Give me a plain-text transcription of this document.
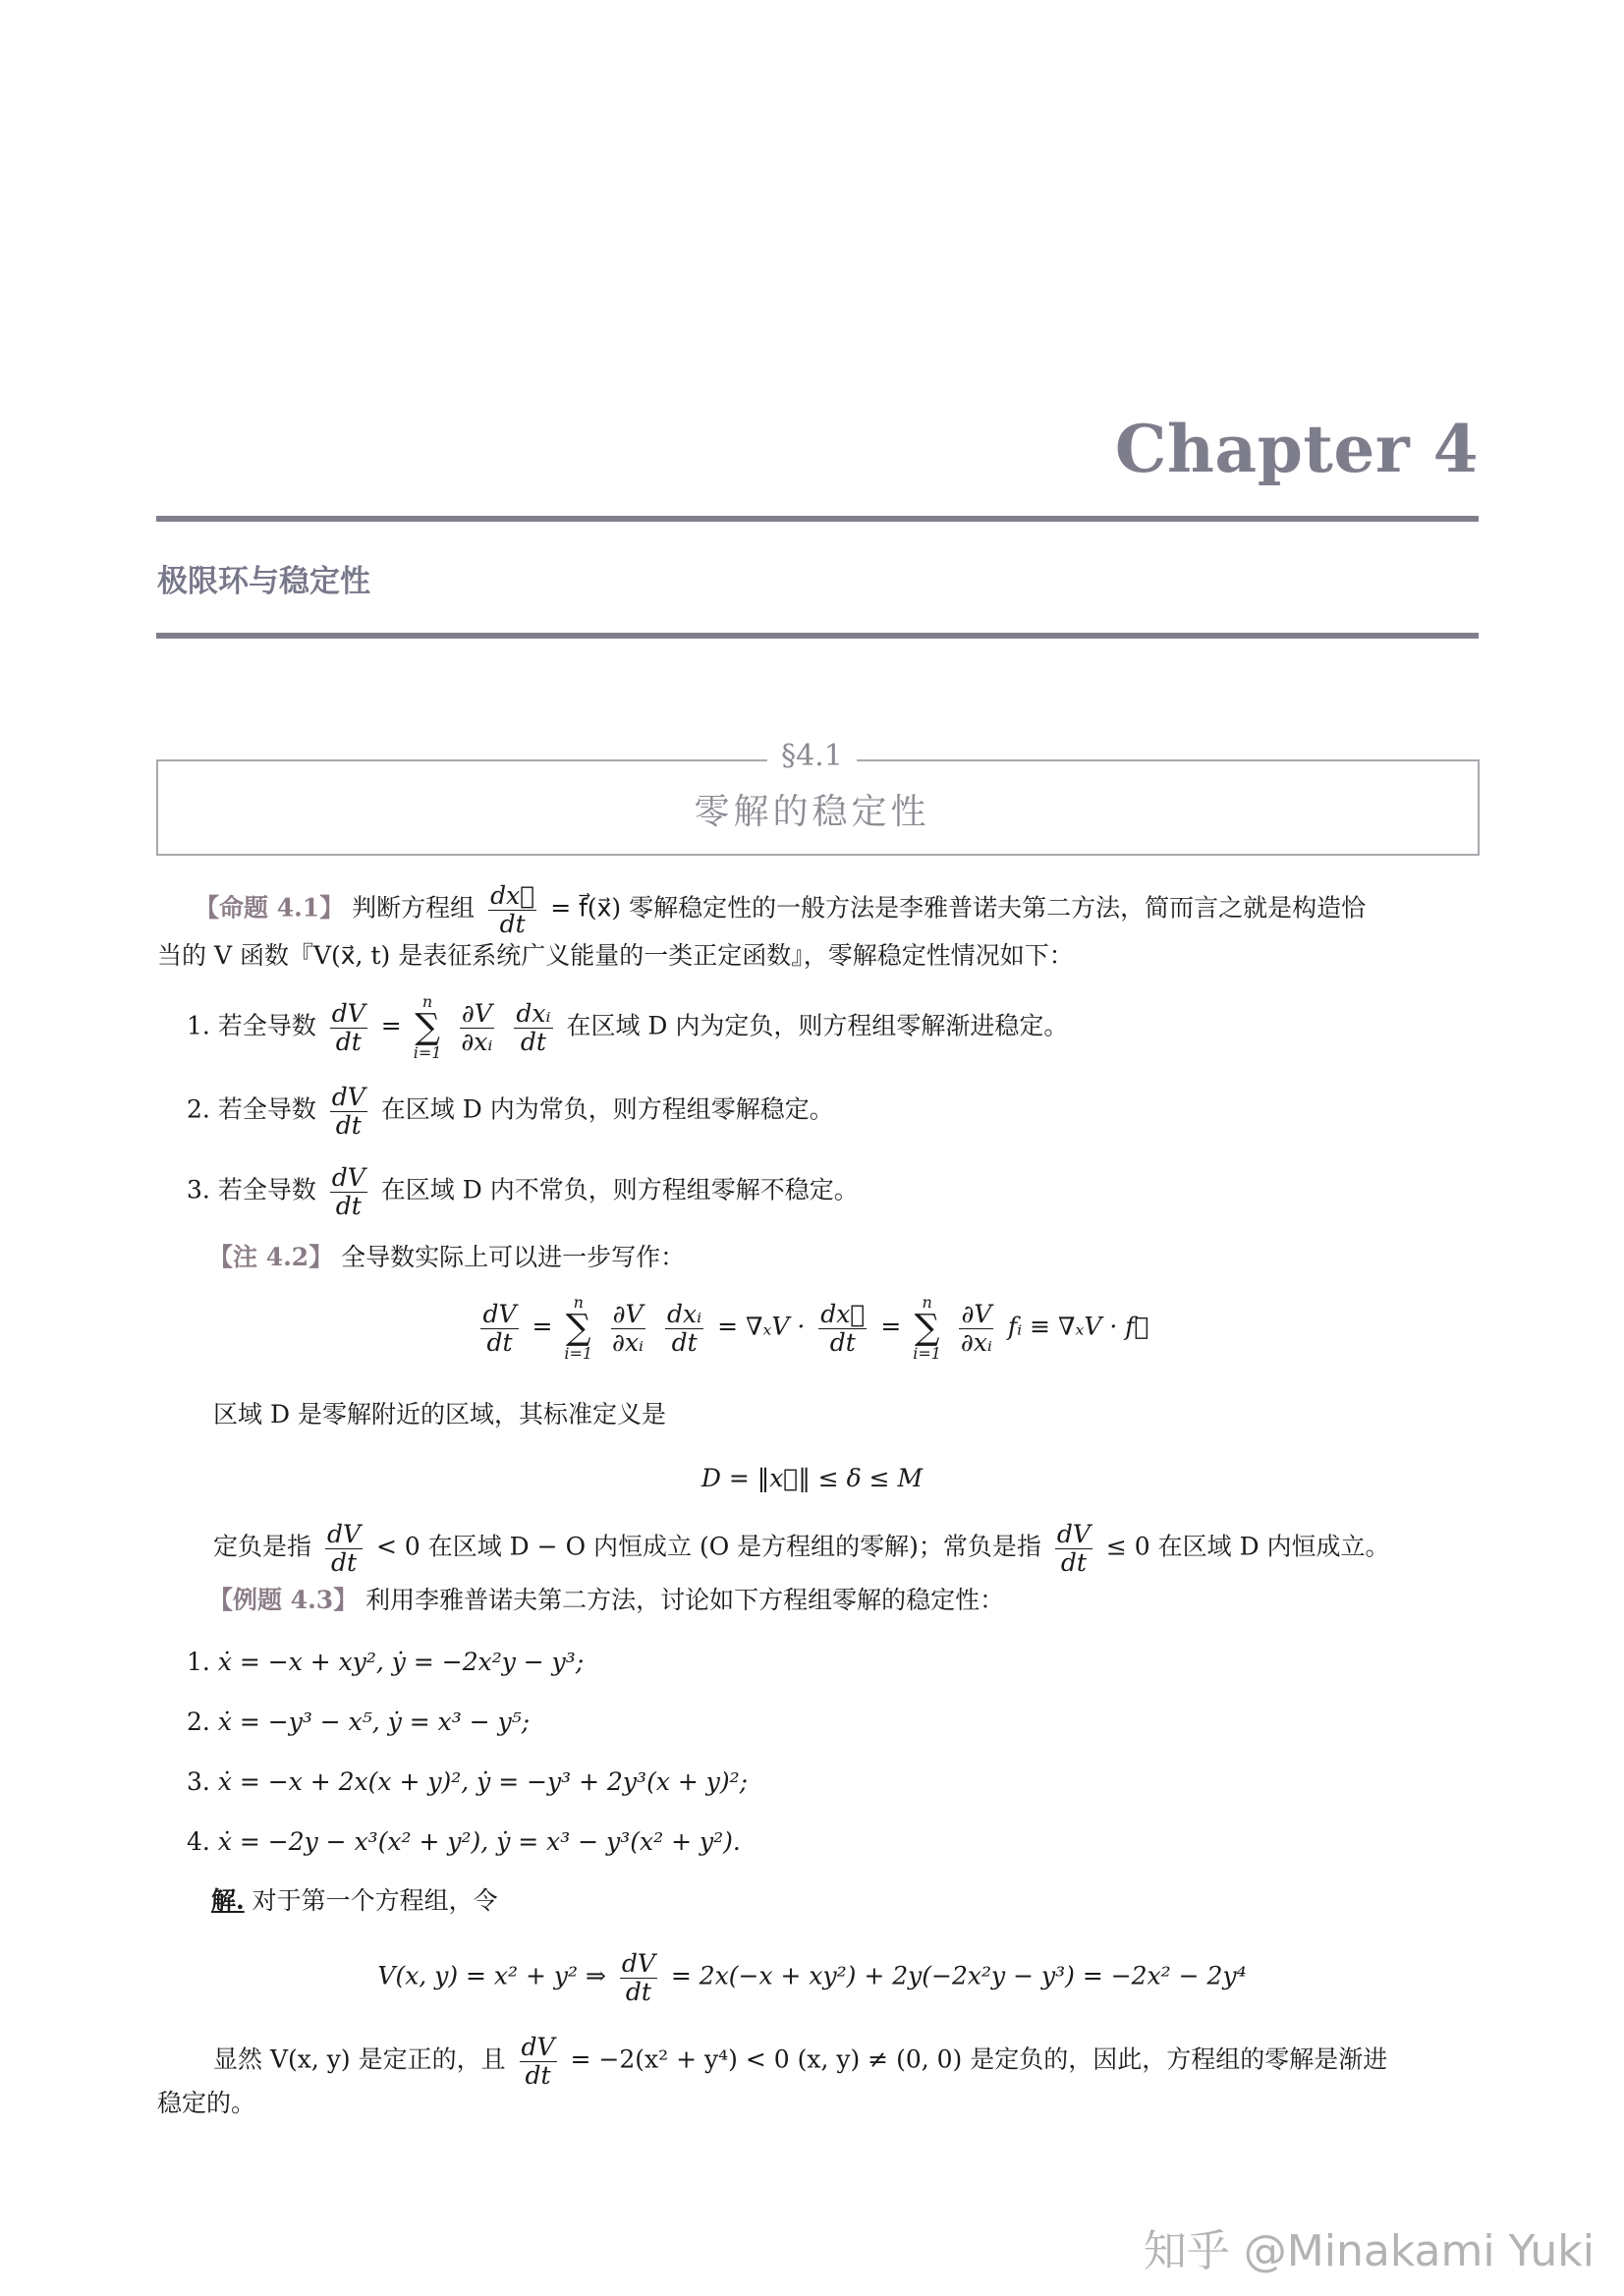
Chapter 4
极限环与稳定性
§4.1
零解的稳定性
【命题 4.1】 判断方程组 $\frac{dx⃗}{dt}$ = f⃗(x⃗) 零解稳定性的一般方法是李雅普诺夫第二方法，简而言之就是构造恰
当的 V 函数『V(x⃗, t) 是表征系统广义能量的一类正定函数』，零解稳定性情况如下：
1. 若全导数 $\frac{dV}{dt}$ =
n
∑
i=1
$\frac{\partial V}{\text{∂xᵢ}}$
$\frac{\text{dxᵢ}}{dt}$ 在区域 D 内为定负，则方程组零解渐进稳定。
2. 若全导数 $\frac{dV}{dt}$ 在区域 D 内为常负，则方程组零解稳定。
3. 若全导数 $\frac{dV}{dt}$ 在区域 D 内不常负，则方程组零解不稳定。
【注 4.2】 全导数实际上可以进一步写作：
$\frac{dV}{dt}$ =
n
∑
i=1
$\frac{\partial V}{\text{∂xᵢ}}$
$\frac{\text{dxᵢ}}{dt} = \nabla_xV \cdot \frac{dx⃗}{dt}$ =
n
∑
i=1
$\frac{\partial V}{\text{∂xᵢ}}$ fᵢ ≡ ∇ₓV · f⃗
区域 D 是零解附近的区域，其标准定义是
D = ‖x⃗‖ ≤ δ ≤ M
定负是指 $\frac{dV}{dt} < 0$ 在区域 D − O 内恒成立 (O 是方程组的零解)；常负是指 $\frac{dV}{dt} \le 0$ 在区域 D 内恒成立。
【例题 4.3】 利用李雅普诺夫第二方法，讨论如下方程组零解的稳定性：
1. ẋ = −x + xy², ẏ = −2x²y − y³;
2. ẋ = −y³ − x⁵, ẏ = x³ − y⁵;
3. ẋ = −x + 2x(x + y)², ẏ = −y³ + 2y³(x + y)²;
4. ẋ = −2y − x³(x² + y²), ẏ = x³ − y³(x² + y²).
解. 对于第一个方程组，令
V(x, y) = x² + y² ⇒ $\frac{dV}{dt} = 2x(-x + xy^2) + 2y(-2x^2y - y^3) = -2x^2 - 2y^4$
显然 V(x, y) 是定正的，且 $\frac{dV}{dt} = -2(x^2 + y^4) < 0$ (x, y) ≠ (0, 0) 是定负的，因此，方程组的零解是渐进
稳定的。
知乎 @Minakami Yuki
